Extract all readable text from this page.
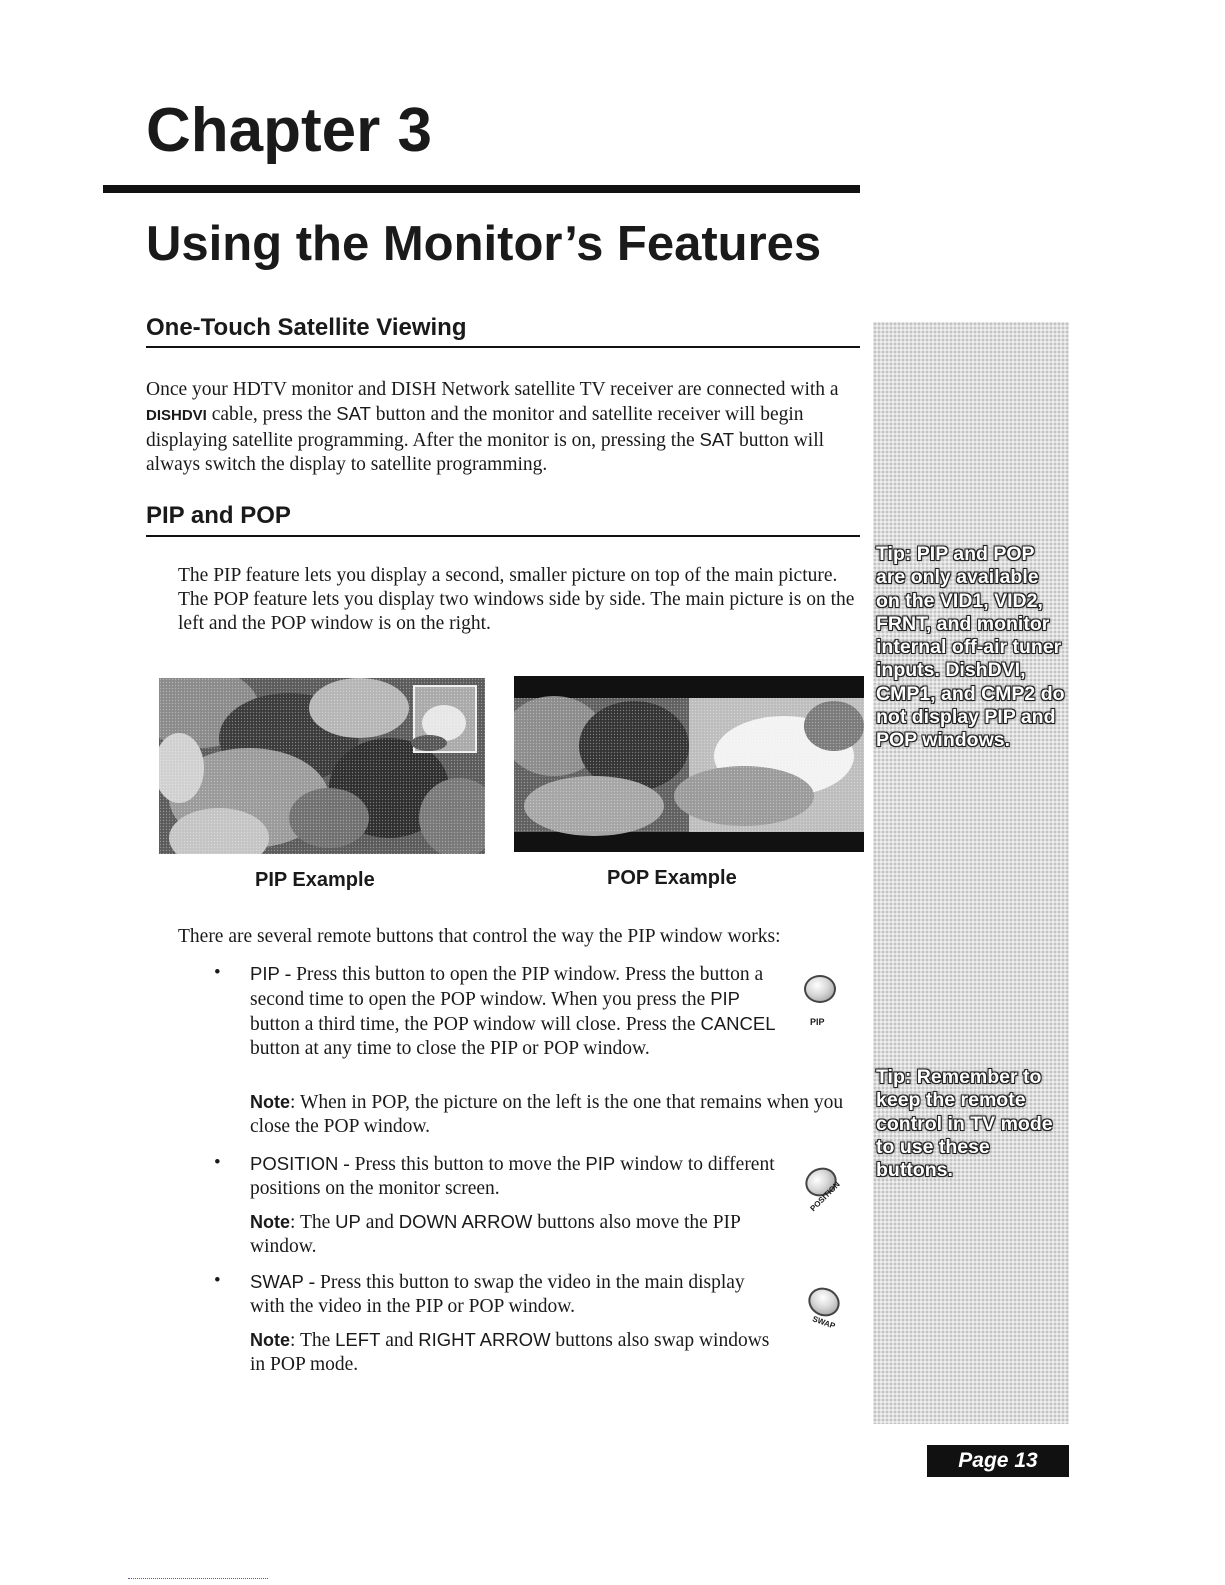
Chapter 3
Using the Monitor’s Features

Tip: PIP and POP are only available on the VID1, VID2, FRNT, and monitor internal off-air tuner inputs. DishDVI, CMP1, and CMP2 do not display PIP and POP windows.

Tip: Remember to keep the remote control in TV mode to use these buttons.

One-Touch Satellite Viewing

Once your HDTV monitor and DISH Network satellite TV receiver are connected with a DISHDVI cable, press the SAT button and the monitor and satellite receiver will begin displaying satellite programming. After the monitor is on, pressing the SAT button will always switch the display to satellite programming.

PIP and POP

The PIP feature lets you display a second, smaller picture on top of the main picture. The POP feature lets you display two windows side by side. The main picture is on the left and the POP window is on the right.

PIP Example	POP Example

There are several remote buttons that control the way the PIP window works:

• PIP - Press this button to open the PIP window. Press the button a second time to open the POP window. When you press the PIP button a third time, the POP window will close. Press the CANCEL button at any time to close the PIP or POP window.

Note: When in POP, the picture on the left is the one that remains when you close the POP window.

PIP
• POSITION - Press this button to move the PIP window to different positions on the monitor screen.

Note: The UP and DOWN ARROW buttons also move the PIP window.

POSITION
• SWAP - Press this button to swap the video in the main display with the video in the PIP or POP window.

Note: The LEFT and RIGHT ARROW buttons also swap windows in POP mode.

SWAP

Page 13
